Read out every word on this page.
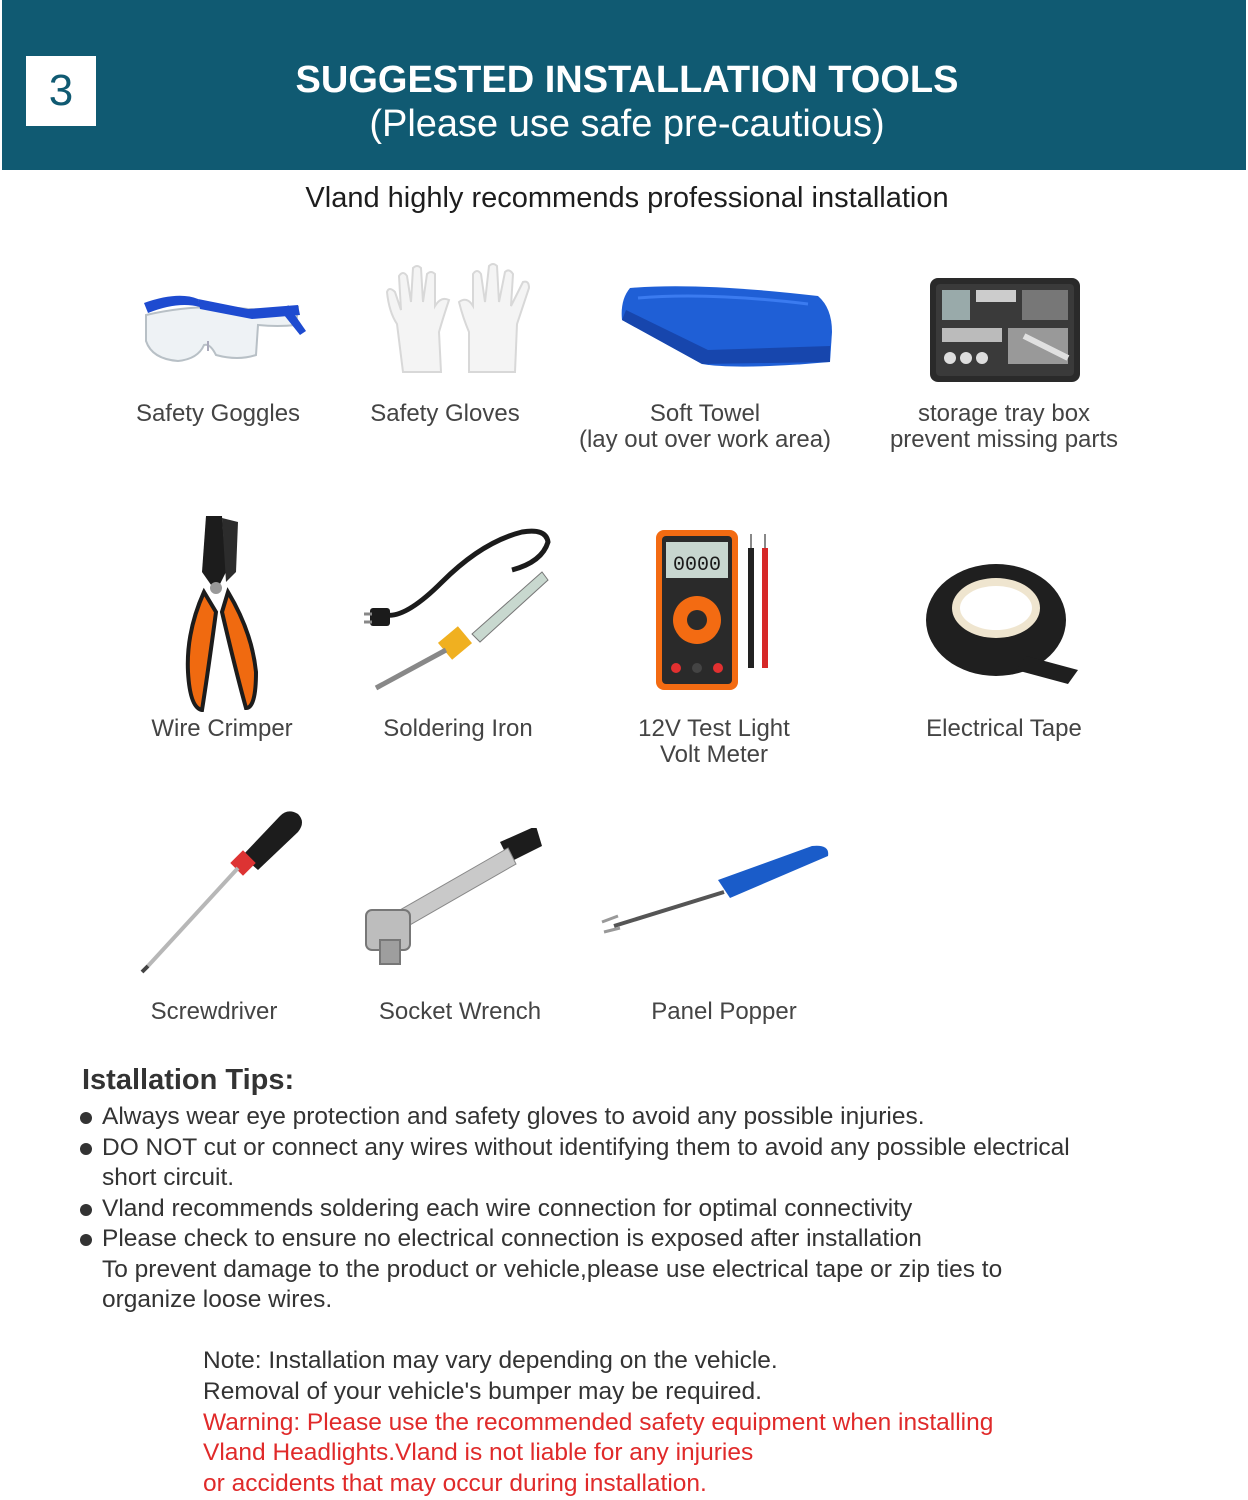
3	SUGGESTED INSTALLATION TOOLS
(Please use safe pre-cautious)
Vland highly recommends professional installation
0000
Safety Goggles	Safety Gloves	Soft Towel
(lay out over work area)
storage tray box
prevent missing parts
Wire Crimper	Soldering Iron	12V Test Light
Volt Meter
Electrical Tape
Screwdriver	Socket Wrench	Panel Popper
Istallation Tips:
Always wear eye protection and safety gloves to avoid any possible injuries.
DO NOT cut or connect any wires without identifying them to avoid any possible electrical
short circuit.
Vland recommends soldering each wire connection for optimal connectivity
Please check to ensure no electrical connection is exposed after installation
To prevent damage to the product or vehicle,please use electrical tape or zip ties to
organize loose wires.
Note: Installation may vary depending on the vehicle.
Removal of your vehicle's bumper may be required.
Warning: Please use the recommended safety equipment when installing
Vland Headlights.Vland is not liable for any injuries
or accidents that may occur during installation.
